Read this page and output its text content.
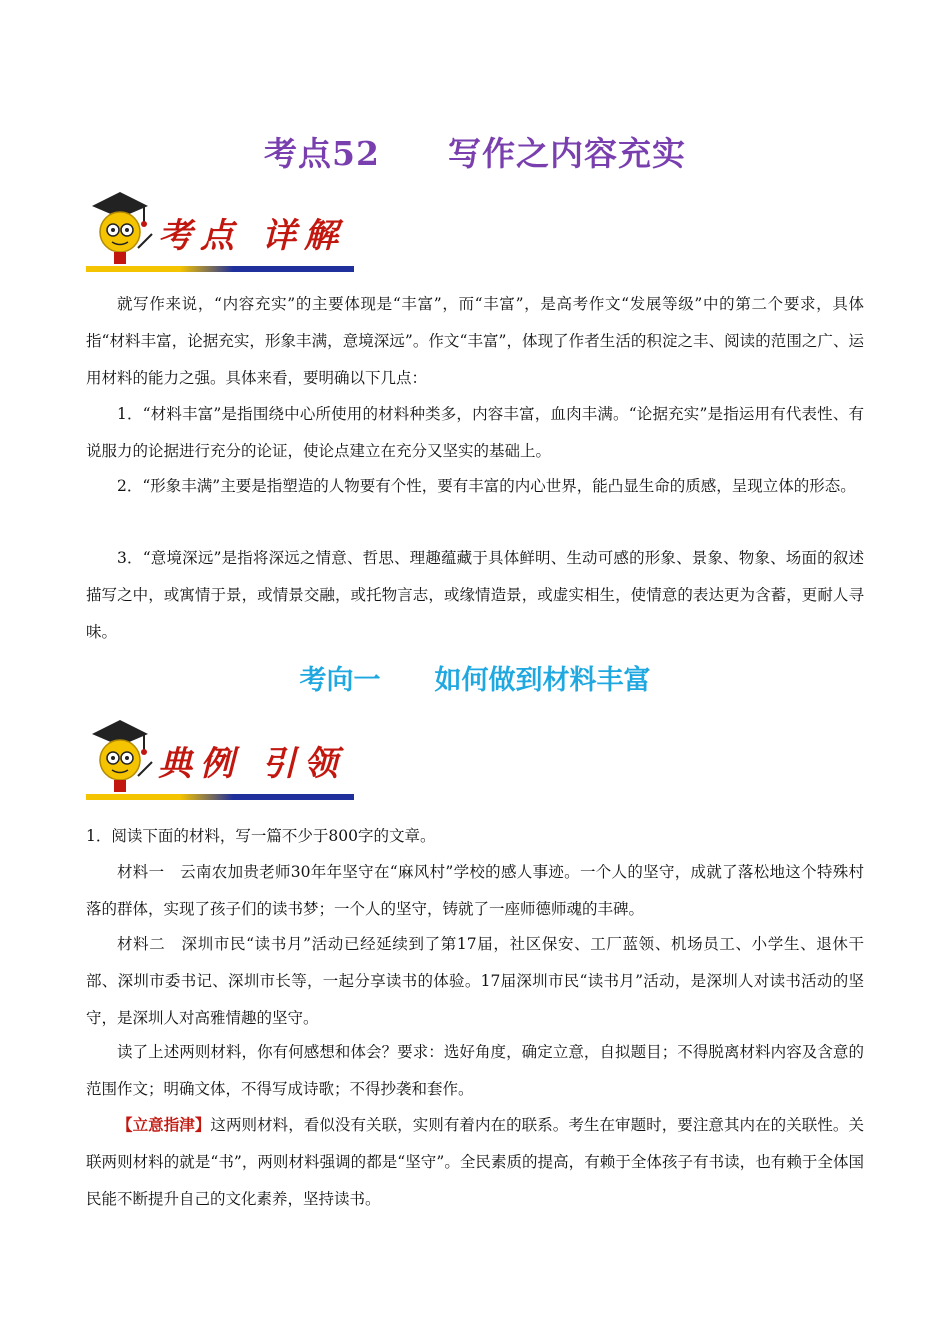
考点52　　写作之内容充实
考点 详解

就写作来说，“内容充实”的主要体现是“丰富”，而“丰富”，是高考作文“发展等级”中的第二个要求，具体指“材料丰富，论据充实，形象丰满，意境深远”。作文“丰富”，体现了作者生活的积淀之丰、阅读的范围之广、运用材料的能力之强。具体来看，要明确以下几点：

1．“材料丰富”是指围绕中心所使用的材料种类多，内容丰富，血肉丰满。“论据充实”是指运用有代表性、有说服力的论据进行充分的论证，使论点建立在充分又坚实的基础上。

2．“形象丰满”主要是指塑造的人物要有个性，要有丰富的内心世界，能凸显生命的质感，呈现立体的形态。

3．“意境深远”是指将深远之情意、哲思、理趣蕴藏于具体鲜明、生动可感的形象、景象、物象、场面的叙述描写之中，或寓情于景，或情景交融，或托物言志，或缘情造景，或虚实相生，使情意的表达更为含蓄，更耐人寻味。

考向一　　如何做到材料丰富
典例 引领

1．阅读下面的材料，写一篇不少于800字的文章。

材料一　云南农加贵老师30年年坚守在“麻风村”学校的感人事迹。一个人的坚守，成就了落松地这个特殊村落的群体，实现了孩子们的读书梦；一个人的坚守，铸就了一座师德师魂的丰碑。

材料二　深圳市民“读书月”活动已经延续到了第17届，社区保安、工厂蓝领、机场员工、小学生、退休干部、深圳市委书记、深圳市长等，一起分享读书的体验。17届深圳市民“读书月”活动，是深圳人对读书活动的坚守，是深圳人对高雅情趣的坚守。

读了上述两则材料，你有何感想和体会？要求：选好角度，确定立意，自拟题目；不得脱离材料内容及含意的范围作文；明确文体，不得写成诗歌；不得抄袭和套作。

【立意指津】这两则材料，看似没有关联，实则有着内在的联系。考生在审题时，要注意其内在的关联性。关联两则材料的就是“书”，两则材料强调的都是“坚守”。全民素质的提高，有赖于全体孩子有书读，也有赖于全体国民能不断提升自己的文化素养，坚持读书。
